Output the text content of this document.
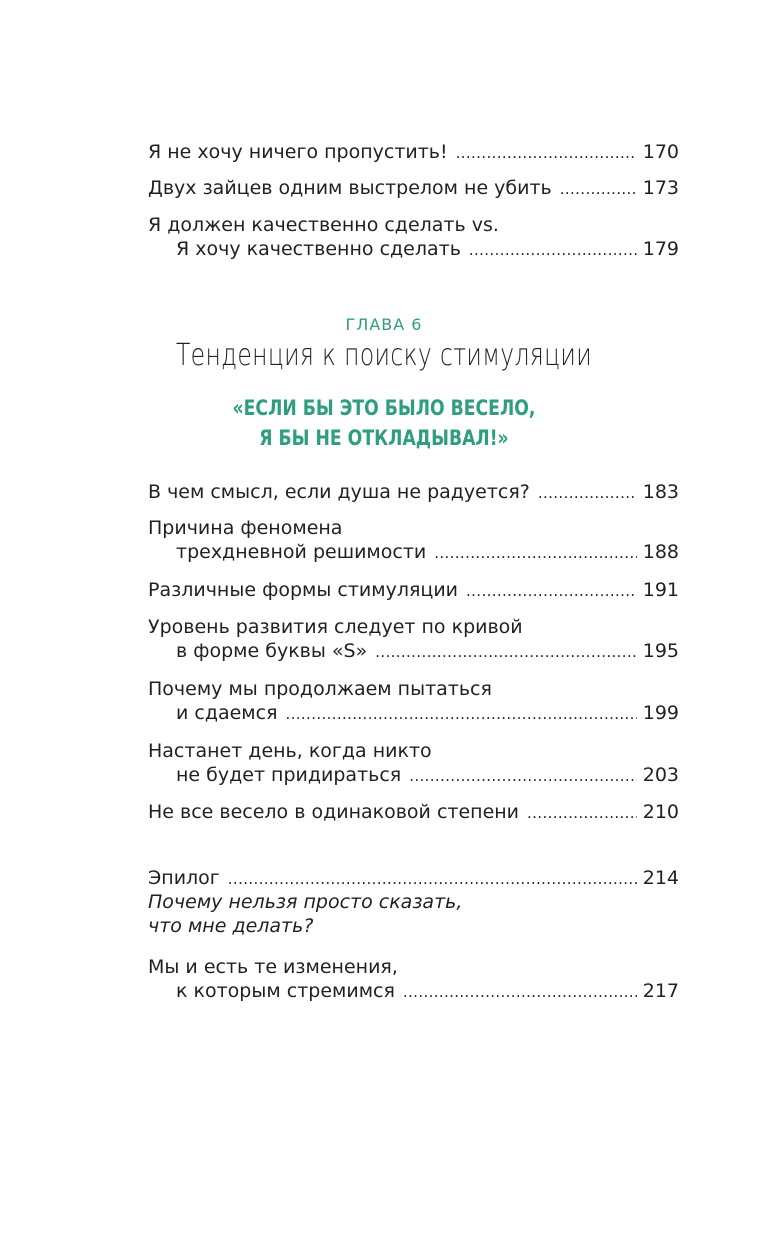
Я не хочу ничего пропустить! . . .	170
Двух зайцев одним выстрелом не убить . . .	173
Я должен качественно сделать vs.
Я хочу качественно сделать . . .	179
ГЛАВА 6
Тенденция к поиску стимуляции
«ЕСЛИ БЫ ЭТО БЫЛО ВЕСЕЛО,
Я БЫ НЕ ОТКЛАДЫВАЛ!»
В чем смысл, если душа не радуется? . . .	183
Причина феномена
трехдневной решимости . . .	188
Различные формы стимуляции . . .	191
Уровень развития следует по кривой
в форме буквы «S» . . .	195
Почему мы продолжаем пытаться
и сдаемся . . .	199
Настанет день, когда никто
не будет придираться . . .	203
Не все весело в одинаковой степени . . .	210
Эпилог . . .	214
Почему нельзя просто сказать,
что мне делать?
Мы и есть те изменения,
к которым стремимся . . .	217
